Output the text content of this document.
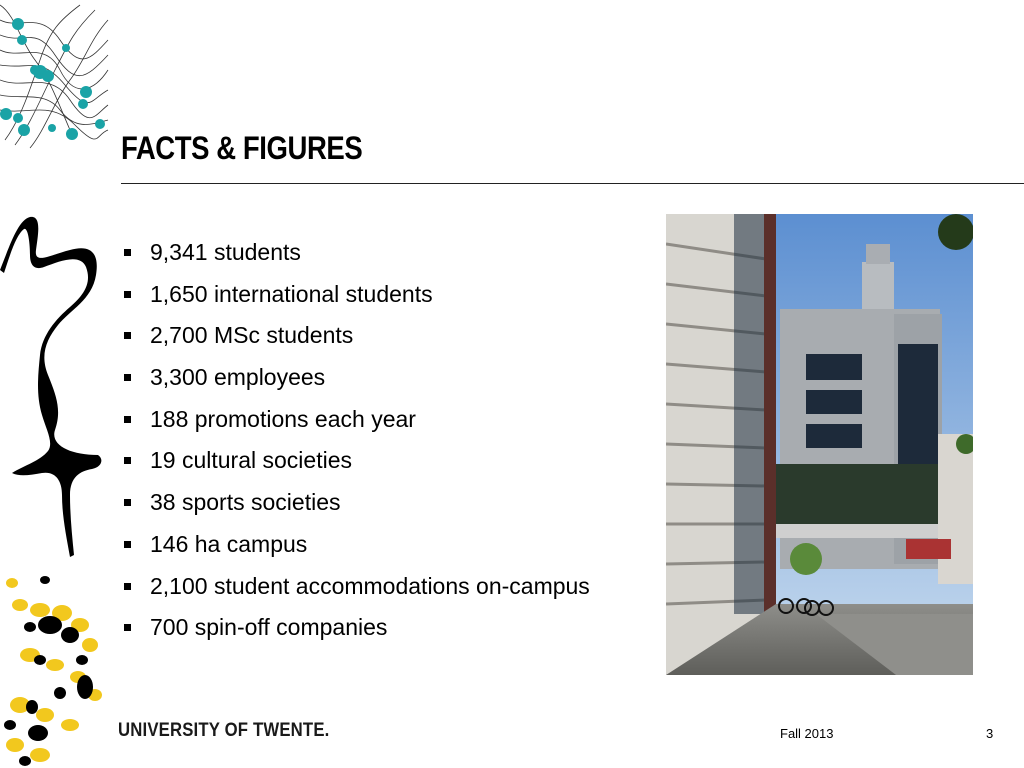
FACTS & FIGURES
9,341 students
1,650 international students
2,700 MSc students
3,300 employees
188 promotions each year
19 cultural societies
38 sports societies
146 ha campus
2,100 student accommodations on-campus
700 spin-off companies
UNIVERSITY OF TWENTE.	Fall 2013	3
